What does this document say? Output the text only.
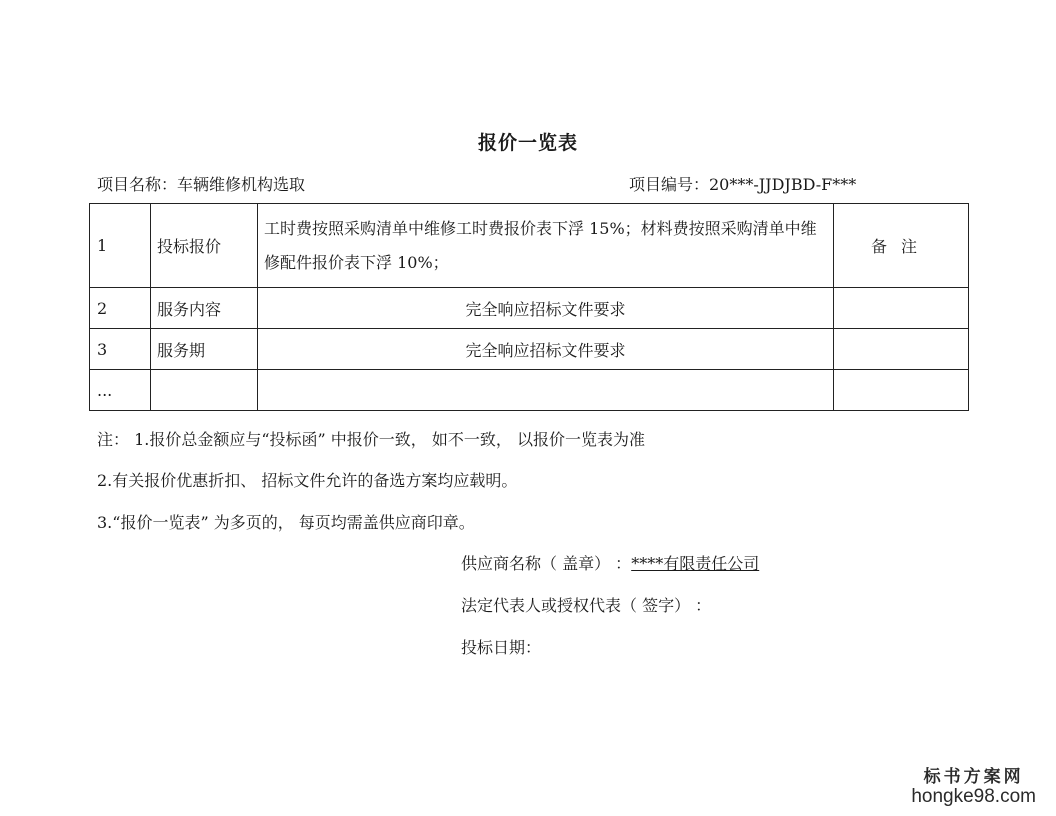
报价一览表
项目名称：车辆维修机构选取	项目编号：20***-JJDJBD-F***
1	投标报价	工时费按照采购清单中维修工时费报价表下浮 15%；材料费按照采购清单中维修配件报价表下浮 10%；	备注
2	服务内容	完全响应招标文件要求	
3	服务期	完全响应招标文件要求	
...			
注： 1.报价总金额应与“投标函” 中报价一致， 如不一致， 以报价一览表为准
2.有关报价优惠折扣、 招标文件允许的备选方案均应载明。
3.“报价一览表” 为多页的， 每页均需盖供应商印章。
供应商名称（ 盖章） ：****有限责任公司
法定代表人或授权代表（ 签字） ：
投标日期：
标书方案网
hongke98.com
